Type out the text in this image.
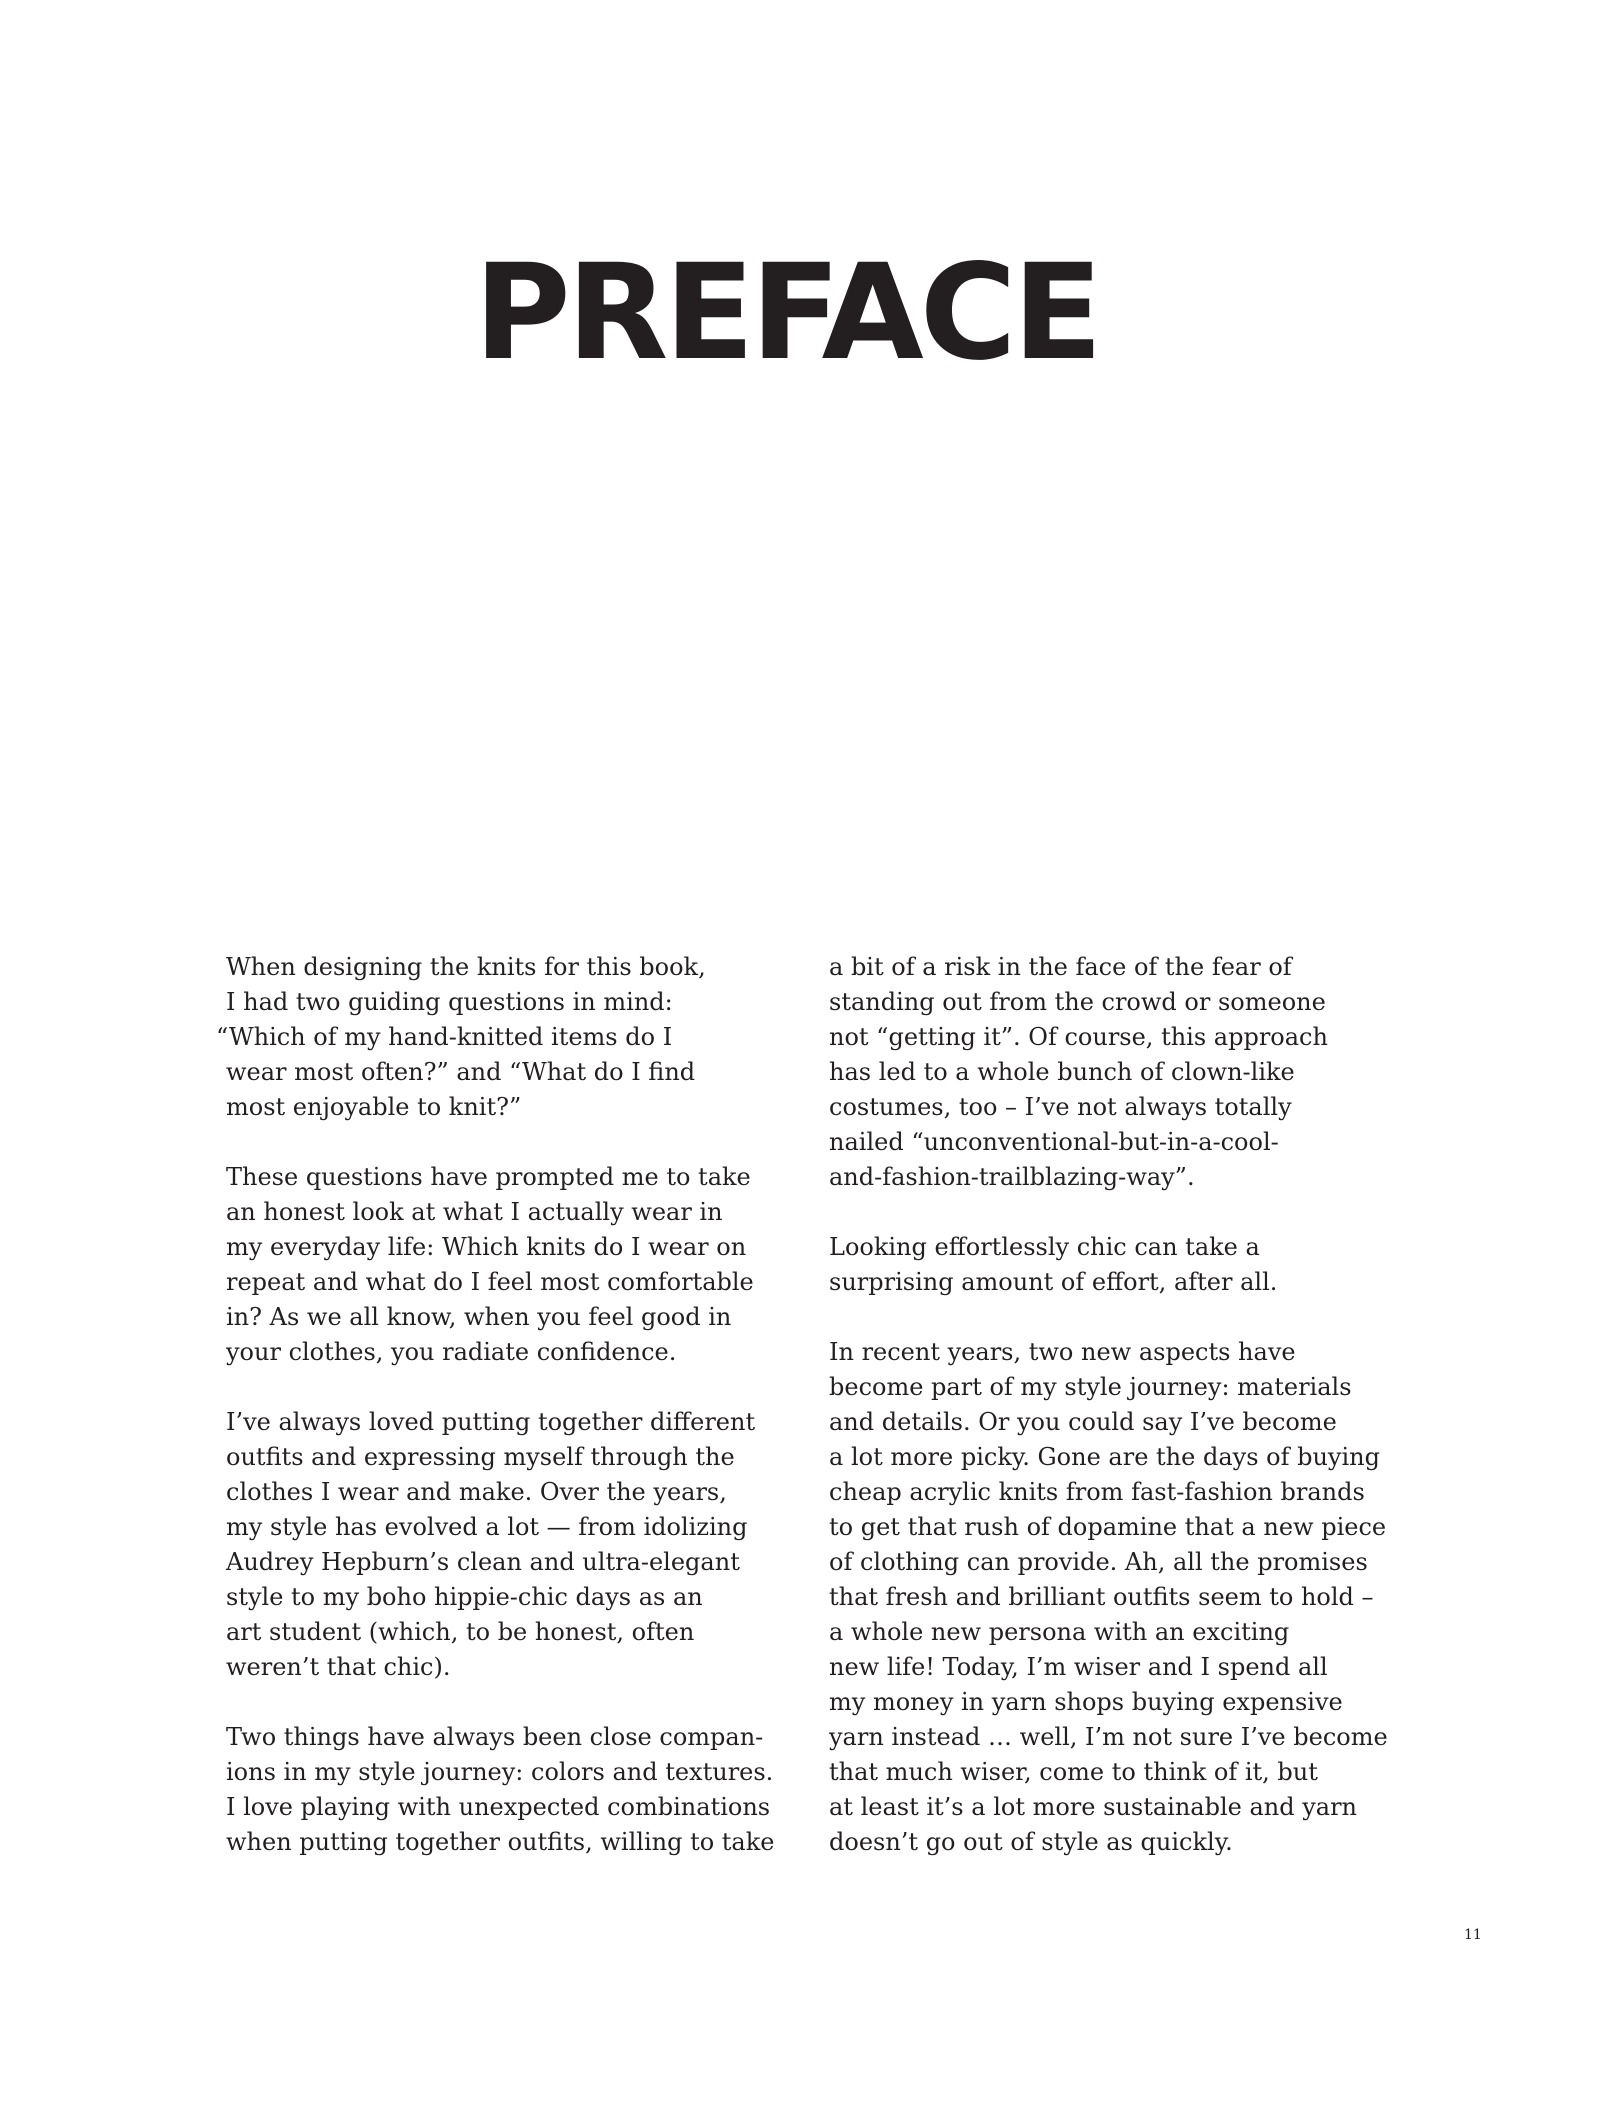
PREFACE
When designing the knits for this book,
I had two guiding questions in mind:
“Which of my hand-knitted items do I
wear most often?” and “What do I find
most enjoyable to knit?”
These questions have prompted me to take
an honest look at what I actually wear in
my everyday life: Which knits do I wear on
repeat and what do I feel most comfortable
in? As we all know, when you feel good in
your clothes, you radiate confidence.
I’ve always loved putting together different
outfits and expressing myself through the
clothes I wear and make. Over the years,
my style has evolved a lot — from idolizing
Audrey Hepburn’s clean and ultra-elegant
style to my boho hippie-chic days as an
art student (which, to be honest, often
weren’t that chic).
Two things have always been close compan-
ions in my style journey: colors and textures.
I love playing with unexpected combinations
when putting together outfits, willing to take
a bit of a risk in the face of the fear of
standing out from the crowd or someone
not “getting it”. Of course, this approach
has led to a whole bunch of clown-like
costumes, too – I’ve not always totally
nailed “unconventional-but-in-a-cool-
and-fashion-trailblazing-way”.
Looking effortlessly chic can take a
surprising amount of effort, after all.
In recent years, two new aspects have
become part of my style journey: materials
and details. Or you could say I’ve become
a lot more picky. Gone are the days of buying
cheap acrylic knits from fast-fashion brands
to get that rush of dopamine that a new piece
of clothing can provide. Ah, all the promises
that fresh and brilliant outfits seem to hold –
a whole new persona with an exciting
new life! Today, I’m wiser and I spend all
my money in yarn shops buying expensive
yarn instead … well, I’m not sure I’ve become
that much wiser, come to think of it, but
at least it’s a lot more sustainable and yarn
doesn’t go out of style as quickly.
11
